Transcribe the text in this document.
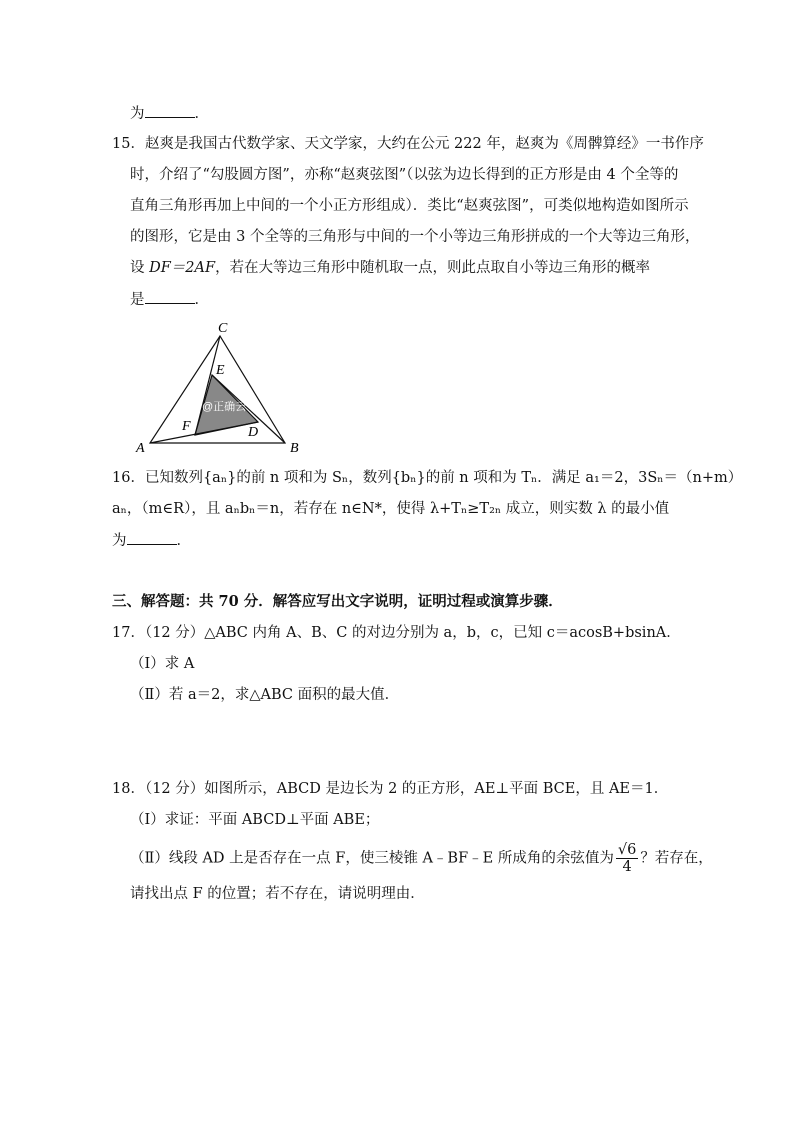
为	．
15．赵爽是我国古代数学家、天文学家，大约在公元 222 年，赵爽为《周髀算经》一书作序
时，介绍了“勾股圆方图”，亦称“赵爽弦图”（以弦为边长得到的正方形是由 4 个全等的
直角三角形再加上中间的一个小正方形组成）．类比“赵爽弦图”，可类似地构造如图所示
的图形，它是由 3 个全等的三角形与中间的一个小等边三角形拼成的一个大等边三角形，
设 DF＝2AF，若在大等边三角形中随机取一点，则此点取自小等边三角形的概率
是	．
@正确云
C
E
F	D
A	B
16．已知数列{aₙ}的前 n 项和为 Sₙ，数列{bₙ}的前 n 项和为 Tₙ．满足 a₁＝2，3Sₙ＝（n+m）
aₙ，（m∈R），且 aₙbₙ＝n，若存在 n∈N*，使得 λ+Tₙ≥T₂ₙ 成立，则实数 λ 的最小值
为	．
三、解答题：共 70 分．解答应写出文字说明，证明过程或演算步骤．
17．（12 分）△ABC 内角 A、B、C 的对边分别为 a，b，c，已知 c＝acosB+bsinA．
（Ⅰ）求 A
（Ⅱ）若 a＝2，求△ABC 面积的最大值．
18．（12 分）如图所示，ABCD 是边长为 2 的正方形，AE⊥平面 BCE，且 AE＝1．
（Ⅰ）求证：平面 ABCD⊥平面 ABE；
（Ⅱ）线段 AD 上是否存在一点 F，使三棱锥 A﹣BF﹣E 所成角的余弦值为 $\frac{√6}{4}$ ？若存在，
请找出点 F 的位置；若不存在，请说明理由．
